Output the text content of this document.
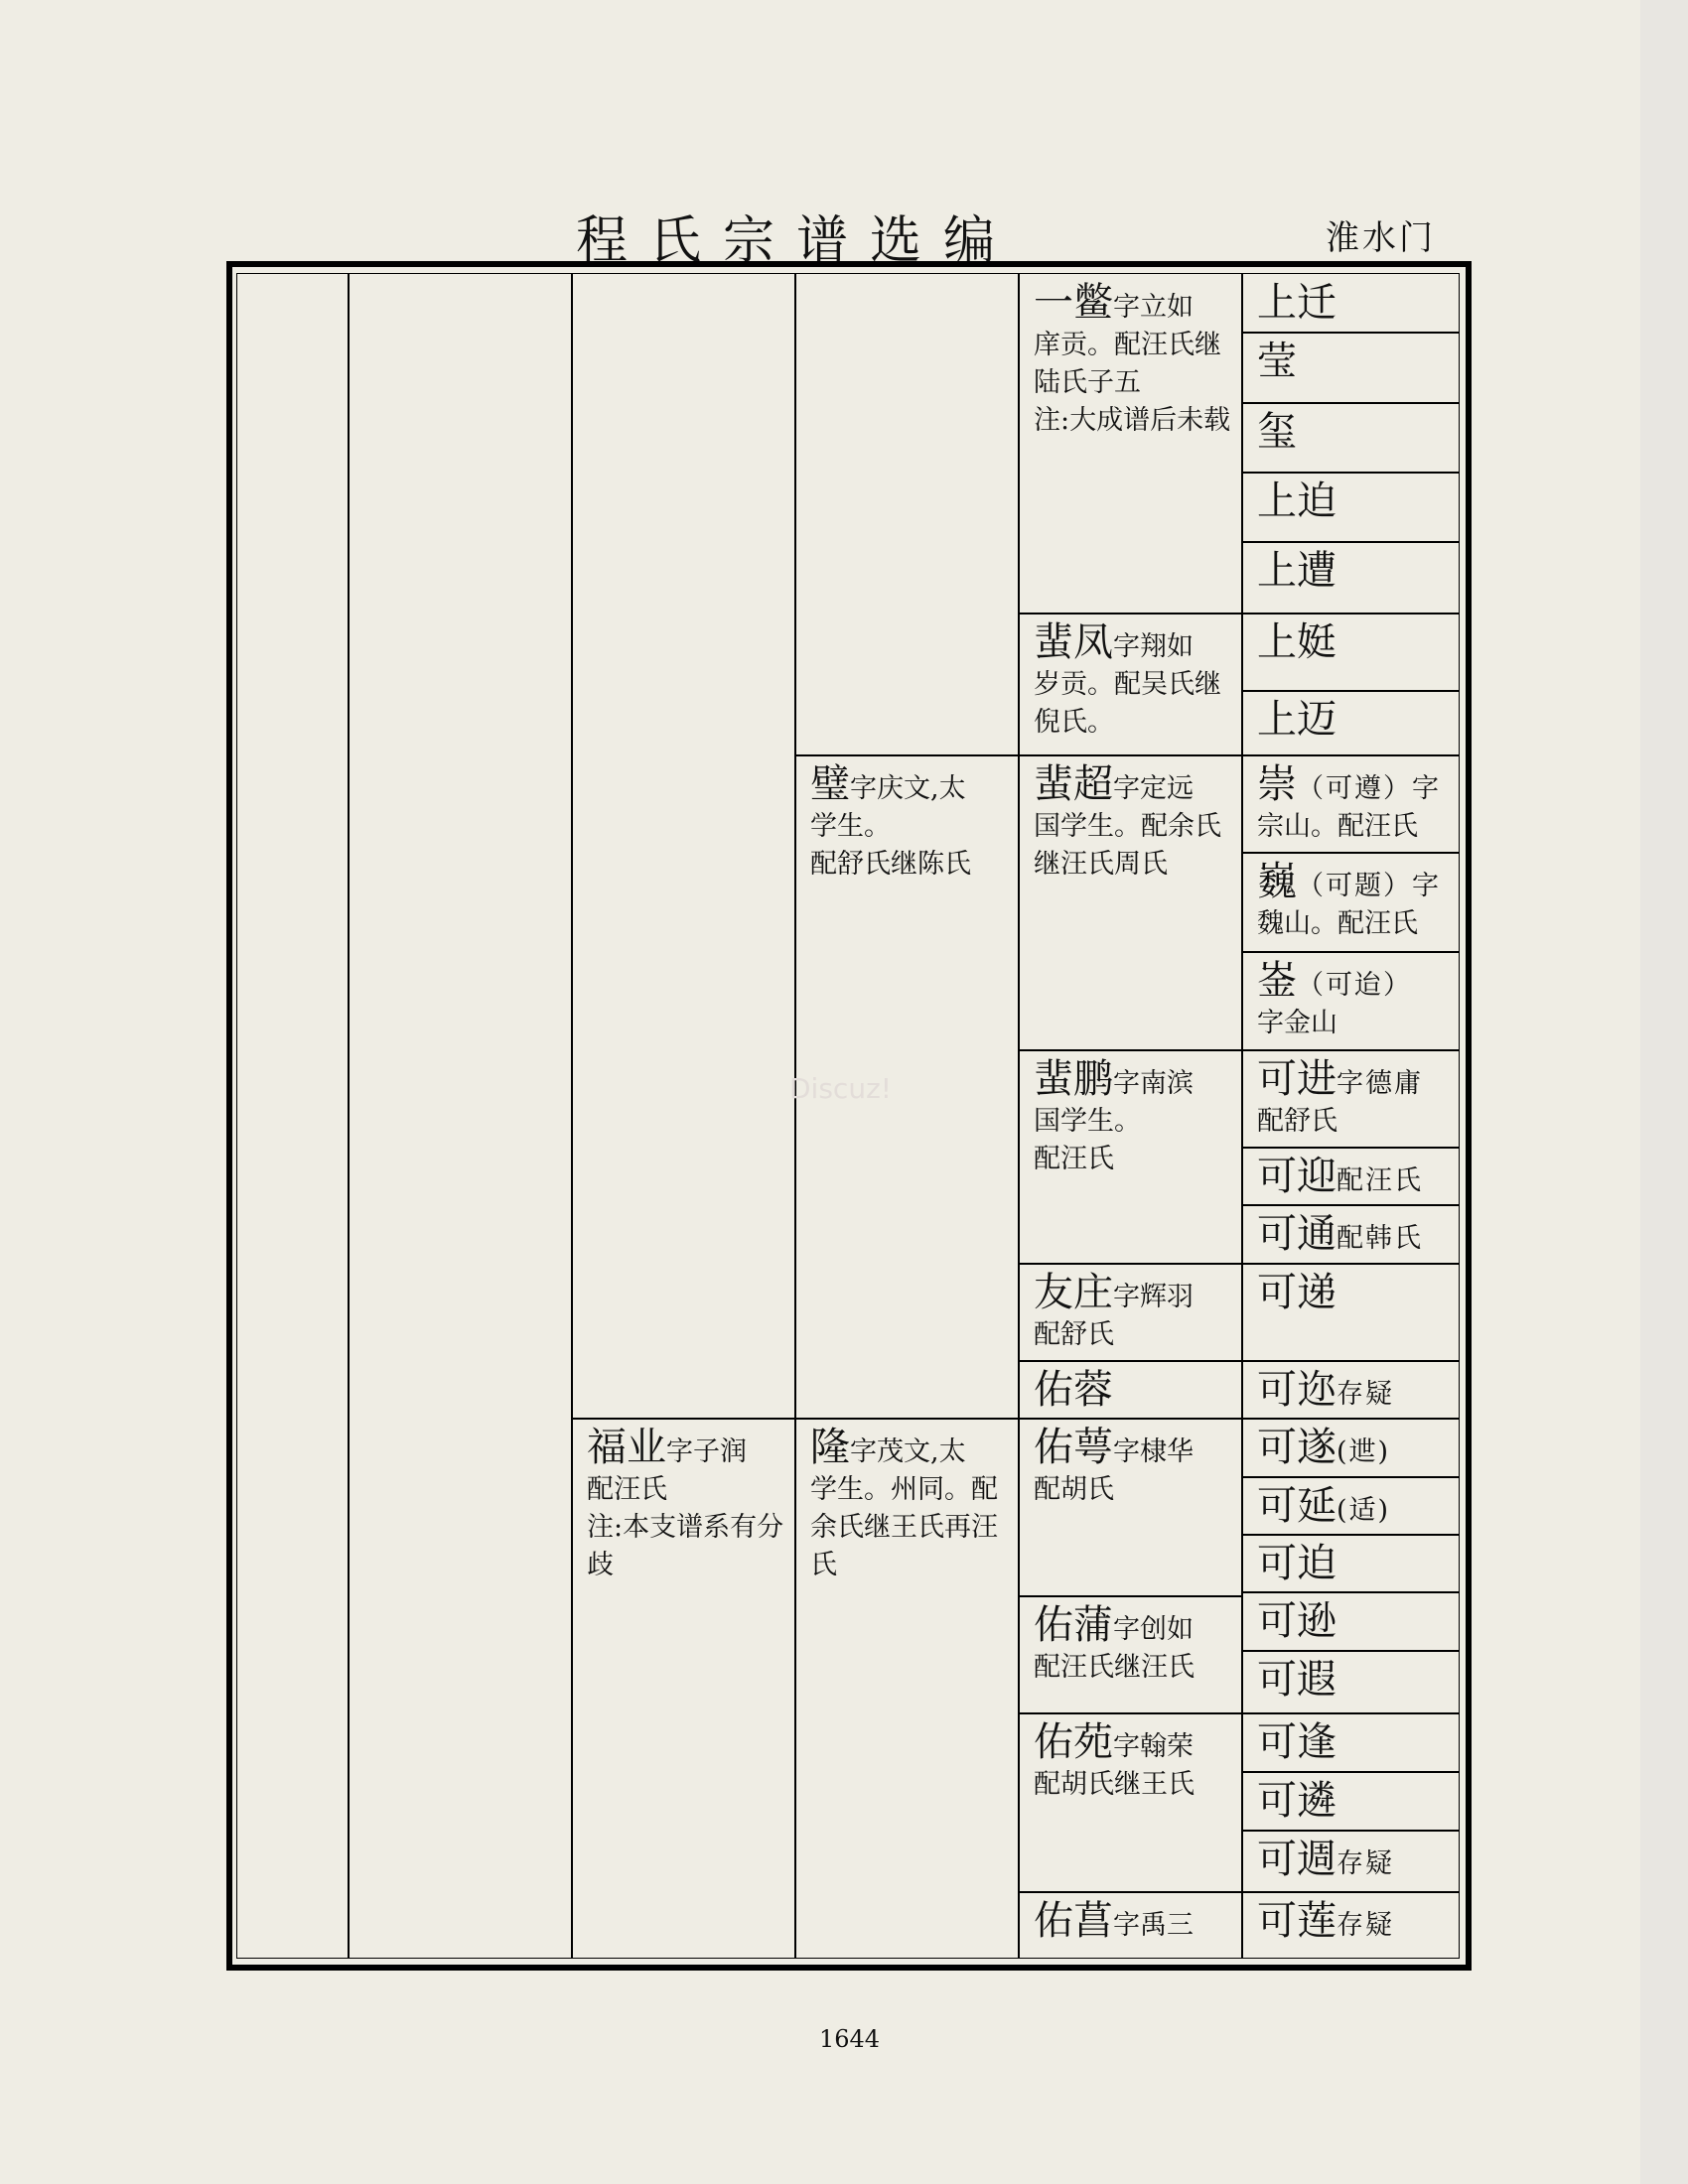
程氏宗谱选编	淮水门
福业字子润
配汪氏
注:本支谱系有分歧
璧字庆文,太
学生。
配舒氏继陈氏
隆字茂文,太
学生。州同。配余氏继王氏再汪氏
一鳖字立如
庠贡。配汪氏继陆氏子五
注:大成谱后未载
蜚凤字翔如
岁贡。配吴氏继倪氏。
蜚超字定远
国学生。配余氏继汪氏周氏
蜚鹏字南滨
国学生。
配汪氏
友庄字辉羽
配舒氏
佑蓉
佑萼字棣华
配胡氏
佑蒲字创如
配汪氏继汪氏
佑苑字翰荣
配胡氏继王氏
佑菖字禹三
上迁
莹
玺
上迫
上遭
上娗
上迈
崇（可遵）字
宗山。配汪氏
巍（可题）字
魏山。配汪氏
崟（可迨）
字金山
可进字德庸
配舒氏
可迎配汪氏
可通配韩氏
可递
可迩存疑
可遂(迣)
可延(适)
可迫
可逊
可遐
可逢
可遴
可週存疑
可莲存疑
Discuz!
1644
